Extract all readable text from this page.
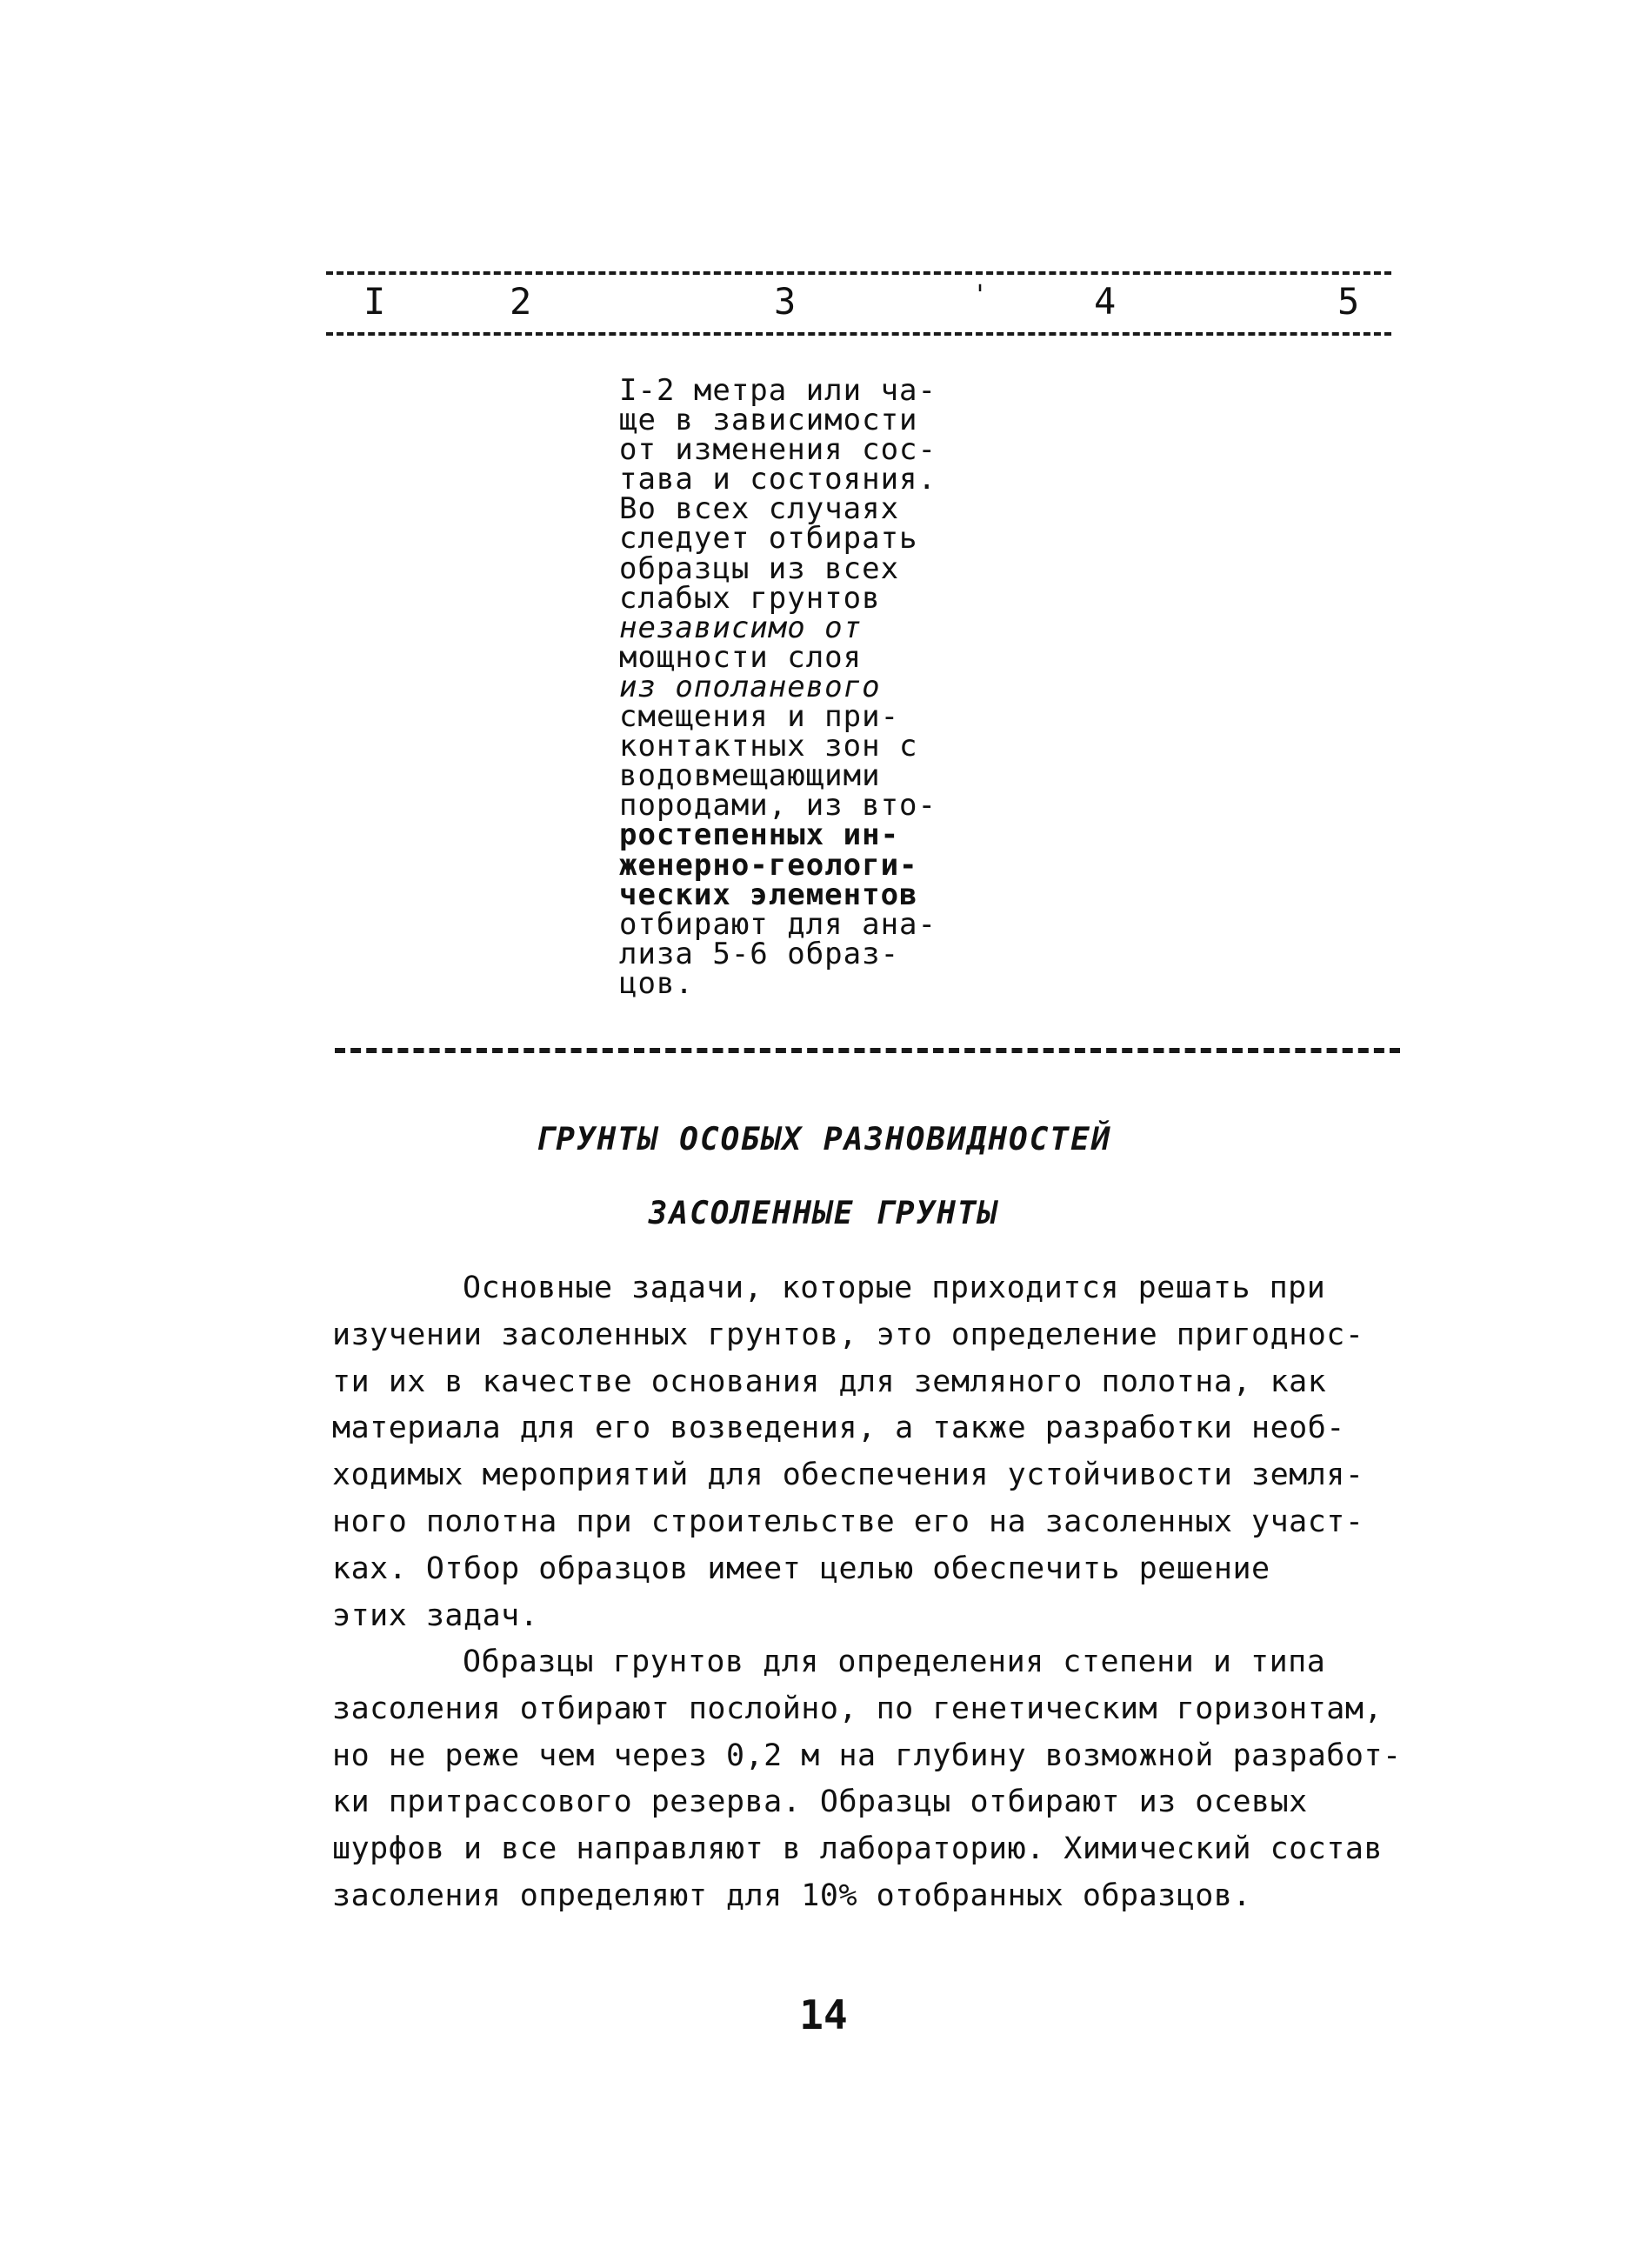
I	2	3	'	4	5
I-2 метра или ча-
ще в зависимости
от изменения сос-
тава и состояния.
Во всех случаях
следует отбирать
образцы из всех
слабых грунтов
независимо от
мощности слоя
из ополаневого
смещения и при-
контактных зон с
водовмещающими
породами, из вто-
ростепенных ин-
женерно-геологи-
ческих элементов
отбирают для ана-
лиза 5-6 образ-
цов.
ГРУНТЫ ОСОБЫХ РАЗНОВИДНОСТЕЙ
ЗАСОЛЕННЫЕ ГРУНТЫ
Основные задачи, которые приходится решать при
изучении засоленных грунтов, это определение пригоднос-
ти их в качестве основания для земляного полотна, как
материала для его возведения, а также разработки необ-
ходимых мероприятий для обеспечения устойчивости земля-
ного полотна при строительстве его на засоленных участ-
ках. Отбор образцов имеет целью обеспечить решение
этих задач.
Образцы грунтов для определения степени и типа
засоления отбирают послойно, по генетическим горизонтам,
но не реже чем через 0,2 м на глубину возможной разработ-
ки притрассового резерва. Образцы отбирают из осевых
шурфов и все направляют в лабораторию. Химический состав
засоления определяют для 10% отобранных образцов.
14
